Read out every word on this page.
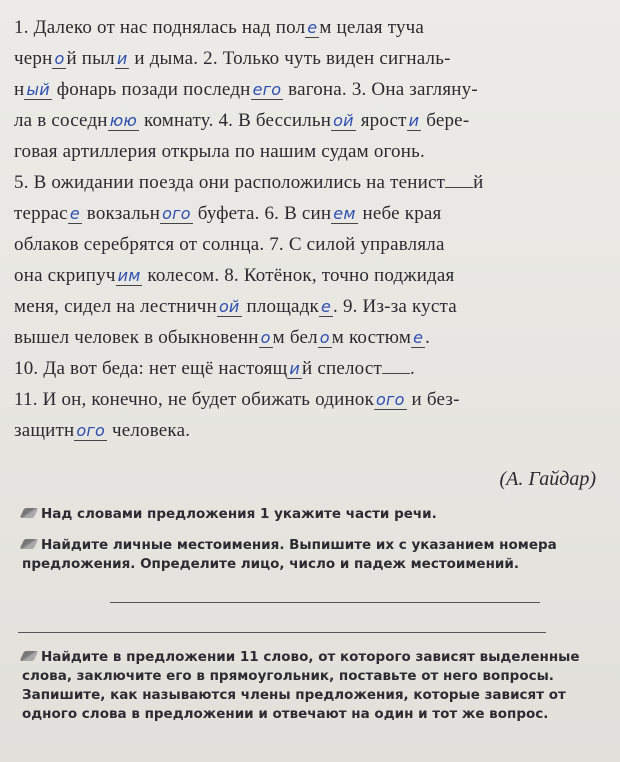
1. Далеко от нас поднялась над пол е м целая туча
черн о й пыл и и дыма. 2. Только чуть виден сигналь-
н ый фонарь позади последн его вагона. 3. Она загляну-
ла в соседн юю комнату. 4. В бессильн ой ярост и бере-
говая артиллерия открыла по нашим судам огонь.
5. В ожидании поезда они расположились на тенист й
террас е вокзальн ого буфета. 6. В син ем небе края
облаков серебрятся от солнца. 7. С силой управляла
она скрипуч им колесом. 8. Котёнок, точно поджидая
меня, сидел на лестничн ой площадк е . 9. Из-за куста
вышел человек в обыкновенн о м бел о м костюм е .
10. Да вот беда: нет ещё настоящ и й спелост .
11. И он, конечно, не будет обижать одинок ого и без-
защитн ого человека.
(А. Гайдар)
Над словами предложения 1 укажите части речи.
Найдите личные местоимения. Выпишите их с указанием номера предложения. Определите лицо, число и падеж местоимений.
Найдите в предложении 11 слово, от которого зависят выделенные слова, заключите его в прямоугольник, поставьте от него вопросы. Запишите, как называются члены предложения, которые зависят от одного слова в предложении и отвечают на один и тот же вопрос.
